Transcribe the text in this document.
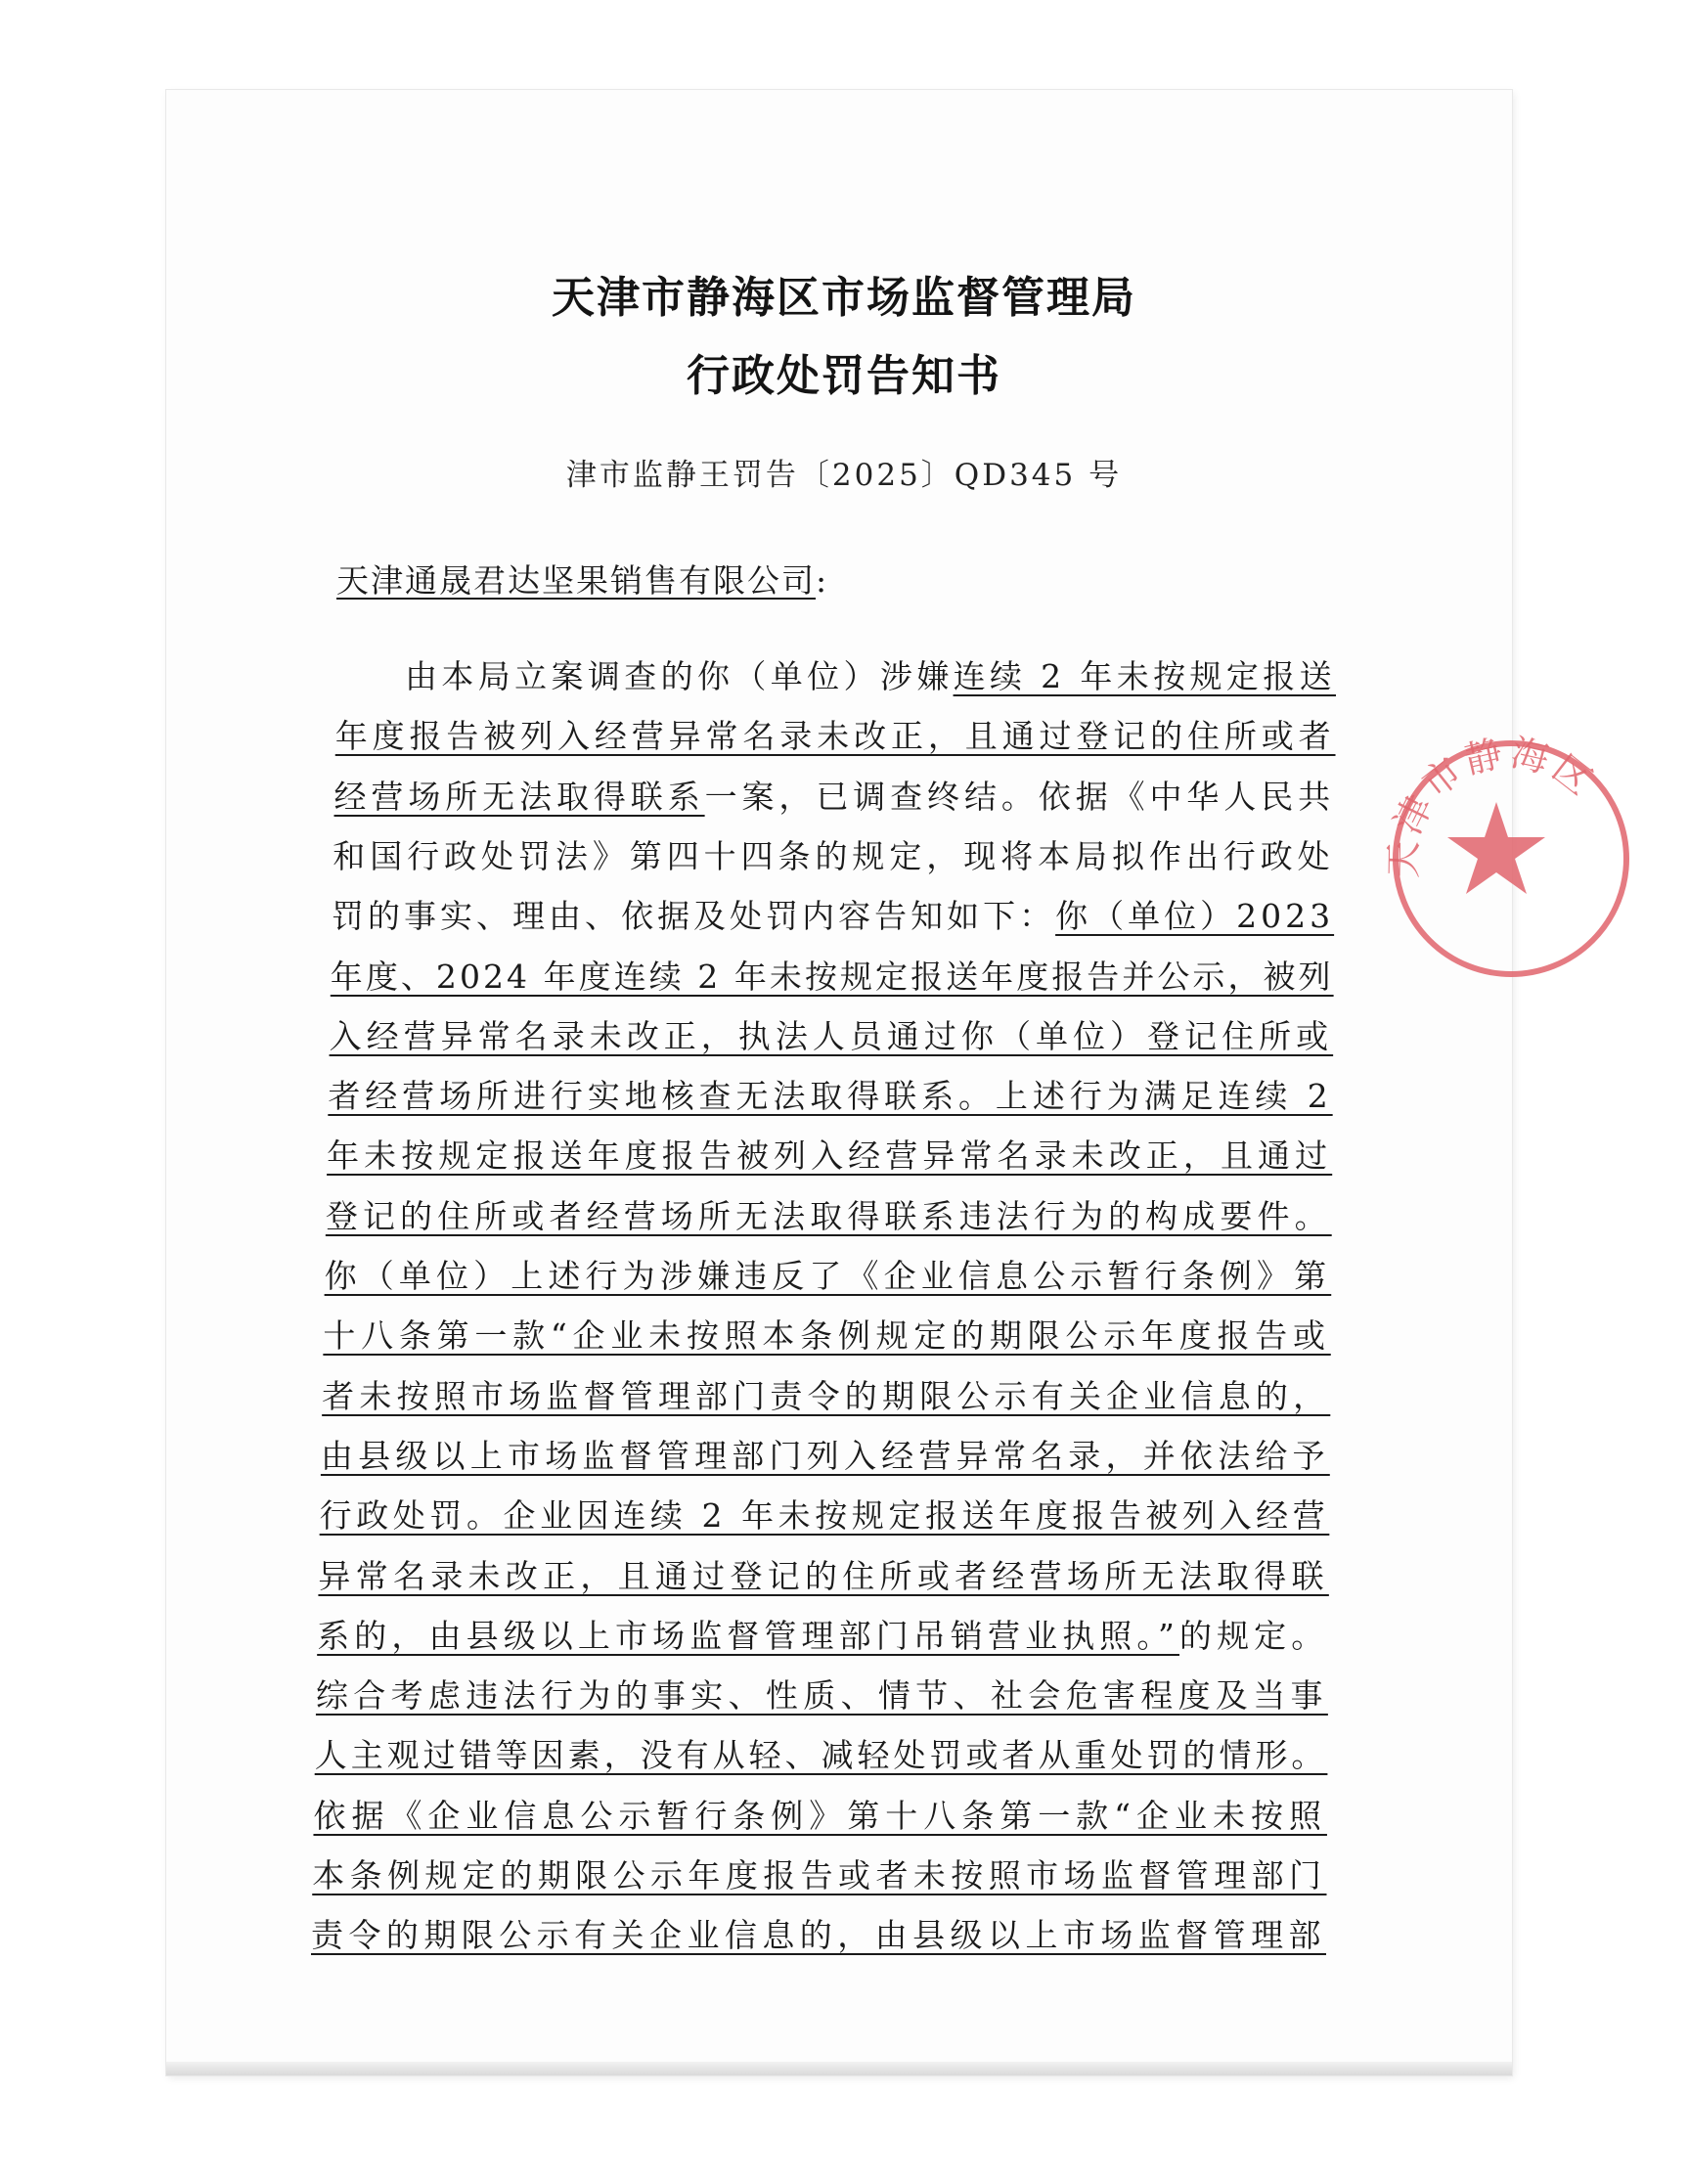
天津市静海区市场监督管理局
行政处罚告知书
津市监静王罚告〔2025〕QD345 号
天津通晟君达坚果销售有限公司:
由本局立案调查的你（单位）涉嫌连续 2 年未按规定报送
年度报告被列入经营异常名录未改正，且通过登记的住所或者
经营场所无法取得联系一案，已调查终结。依据《中华人民共
和国行政处罚法》第四十四条的规定，现将本局拟作出行政处
罚的事实、理由、依据及处罚内容告知如下：你（单位）2023
年度、2024 年度连续 2 年未按规定报送年度报告并公示，被列
入经营异常名录未改正，执法人员通过你（单位）登记住所或
者经营场所进行实地核查无法取得联系。上述行为满足连续 2
年未按规定报送年度报告被列入经营异常名录未改正，且通过
登记的住所或者经营场所无法取得联系违法行为的构成要件。
你（单位）上述行为涉嫌违反了《企业信息公示暂行条例》第
十八条第一款“企业未按照本条例规定的期限公示年度报告或
者未按照市场监督管理部门责令的期限公示有关企业信息的，
由县级以上市场监督管理部门列入经营异常名录，并依法给予
行政处罚。企业因连续 2 年未按规定报送年度报告被列入经营
异常名录未改正，且通过登记的住所或者经营场所无法取得联
系的，由县级以上市场监督管理部门吊销营业执照。”的规定。
综合考虑违法行为的事实、性质、情节、社会危害程度及当事
人主观过错等因素，没有从轻、减轻处罚或者从重处罚的情形。
依据《企业信息公示暂行条例》第十八条第一款“企业未按照
本条例规定的期限公示年度报告或者未按照市场监督管理部门
责令的期限公示有关企业信息的，由县级以上市场监督管理部
天津市静海区
